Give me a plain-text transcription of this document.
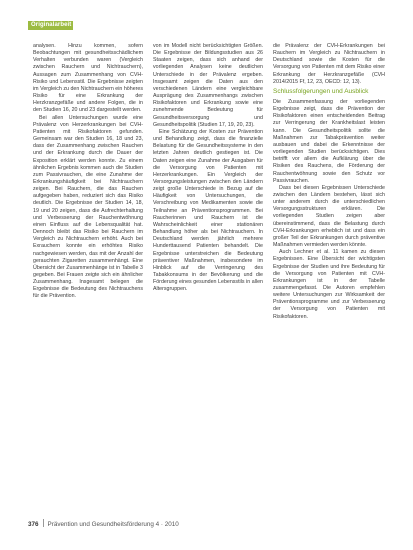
Originalarbeit

analysen. Hinzu kommen, sofern Beobachtungen mit gesundheitsschädlichem Verhalten verbunden waren (Vergleich zwischen Rauchern und Nichtrauchern), Aussagen zum Zusammenhang von CVH-Risiko und Lebensstil. Die Ergebnisse zeigten im Vergleich zu den Nichtrauchern ein höheres Risiko für eine Erkrankung der Herzkranzgefäße und andere Folgen, die in den Studien 16, 20 und 23 dargestellt werden.

Bei allen Untersuchungen wurde eine Prävalenz von Herzerkrankungen bei CVH-Patienten mit Risikofaktoren gefunden. Gemeinsam war den Studien 16, 18 und 23, dass der Zusammenhang zwischen Rauchen und der Erkrankung durch die Dauer der Exposition erklärt werden konnte. Zu einem ähnlichen Ergebnis kommen auch die Studien zum Passivrauchen, die eine Zunahme der Erkrankungshäufigkeit bei Nichtrauchern zeigen. Bei Rauchern, die das Rauchen aufgegeben haben, reduziert sich das Risiko deutlich. Die Ergebnisse der Studien 14, 18, 19 und 20 zeigen, dass die Aufrechterhaltung und Verbesserung der Rauchentwöhnung einen Einfluss auf die Lebensqualität hat. Dennoch bleibt das Risiko bei Rauchern im Vergleich zu Nichtrauchern erhöht. Auch bei Exrauchern konnte ein erhöhtes Risiko nachgewiesen werden, das mit der Anzahl der gerauchten Zigaretten zusammenhängt. Eine Übersicht der Zusammenhänge ist in Tabelle 3 gegeben. Bei Frauen zeigte sich ein ähnlicher Zusammenhang. Insgesamt belegen die Ergebnisse die Bedeutung des Nichtrauchens für die Prävention.

von im Modell nicht berücksichtigten Größen. Die Ergebnisse der Bildungsstudien aus 26 Staaten zeigen, dass sich anhand der vorliegenden Analysen keine deutlichen Unterschiede in der Prävalenz ergeben. Insgesamt zeigen die Daten aus den verschiedenen Ländern eine vergleichbare Ausprägung des Zusammenhangs zwischen Risikofaktoren und Erkrankung sowie eine zunehmende Bedeutung für Gesundheitsversorgung und Gesundheitspolitik (Studien 17, 19, 20, 23).

Eine Schätzung der Kosten zur Prävention und Behandlung zeigt, dass die finanzielle Belastung für die Gesundheitssysteme in den letzten Jahren deutlich gestiegen ist. Die Daten zeigen eine Zunahme der Ausgaben für die Versorgung von Patienten mit Herzerkrankungen. Ein Vergleich der Versorgungsleistungen zwischen den Ländern zeigt große Unterschiede in Bezug auf die Häufigkeit von Untersuchungen, die Verschreibung von Medikamenten sowie die Teilnahme an Präventionsprogrammen. Bei Raucherinnen und Rauchern ist die Wahrscheinlichkeit einer stationären Behandlung höher als bei Nichtrauchern. In Deutschland werden jährlich mehrere Hunderttausend Patienten behandelt. Die Ergebnisse unterstreichen die Bedeutung präventiver Maßnahmen, insbesondere im Hinblick auf die Verringerung des Tabakkonsums in der Bevölkerung und die Förderung eines gesunden Lebensstils in allen Altersgruppen.

die Prävalenz der CVH-Erkrankungen bei Rauchern im Vergleich zu Nichtrauchern in Deutschland sowie die Kosten für die Versorgung von Patienten mit dem Risiko einer Erkrankung der Herzkranzgefäße (CVH 2014/2015 Ff, 12, 23, OECD: 12, 13).

Schlussfolgerungen und Ausblick

Die Zusammenfassung der vorliegenden Ergebnisse zeigt, dass die Prävention der Risikofaktoren einen entscheidenden Beitrag zur Verringerung der Krankheitslast leisten kann. Die Gesundheitspolitik sollte die Maßnahmen zur Tabakprävention weiter ausbauen und dabei die Erkenntnisse der vorliegenden Studien berücksichtigen. Dies betrifft vor allem die Aufklärung über die Risiken des Rauchens, die Förderung der Rauchentwöhnung sowie den Schutz vor Passivrauchen.

Dass bei diesen Ergebnissen Unterschiede zwischen den Ländern bestehen, lässt sich unter anderem durch die unterschiedlichen Versorgungsstrukturen erklären. Die vorliegenden Studien zeigen aber übereinstimmend, dass die Belastung durch CVH-Erkrankungen erheblich ist und dass ein großer Teil der Erkrankungen durch präventive Maßnahmen vermieden werden könnte.

Auch Lechner et al. 11 kamen zu diesen Ergebnissen. Eine Übersicht der wichtigsten Ergebnisse der Studien und ihre Bedeutung für die Versorgung von Patienten mit CVH-Erkrankungen ist in der Tabelle zusammengefasst. Die Autoren empfehlen weitere Untersuchungen zur Wirksamkeit der Präventionsprogramme und zur Verbesserung der Versorgung von Patienten mit Risikofaktoren.

376 Prävention und Gesundheitsförderung 4 · 2010
